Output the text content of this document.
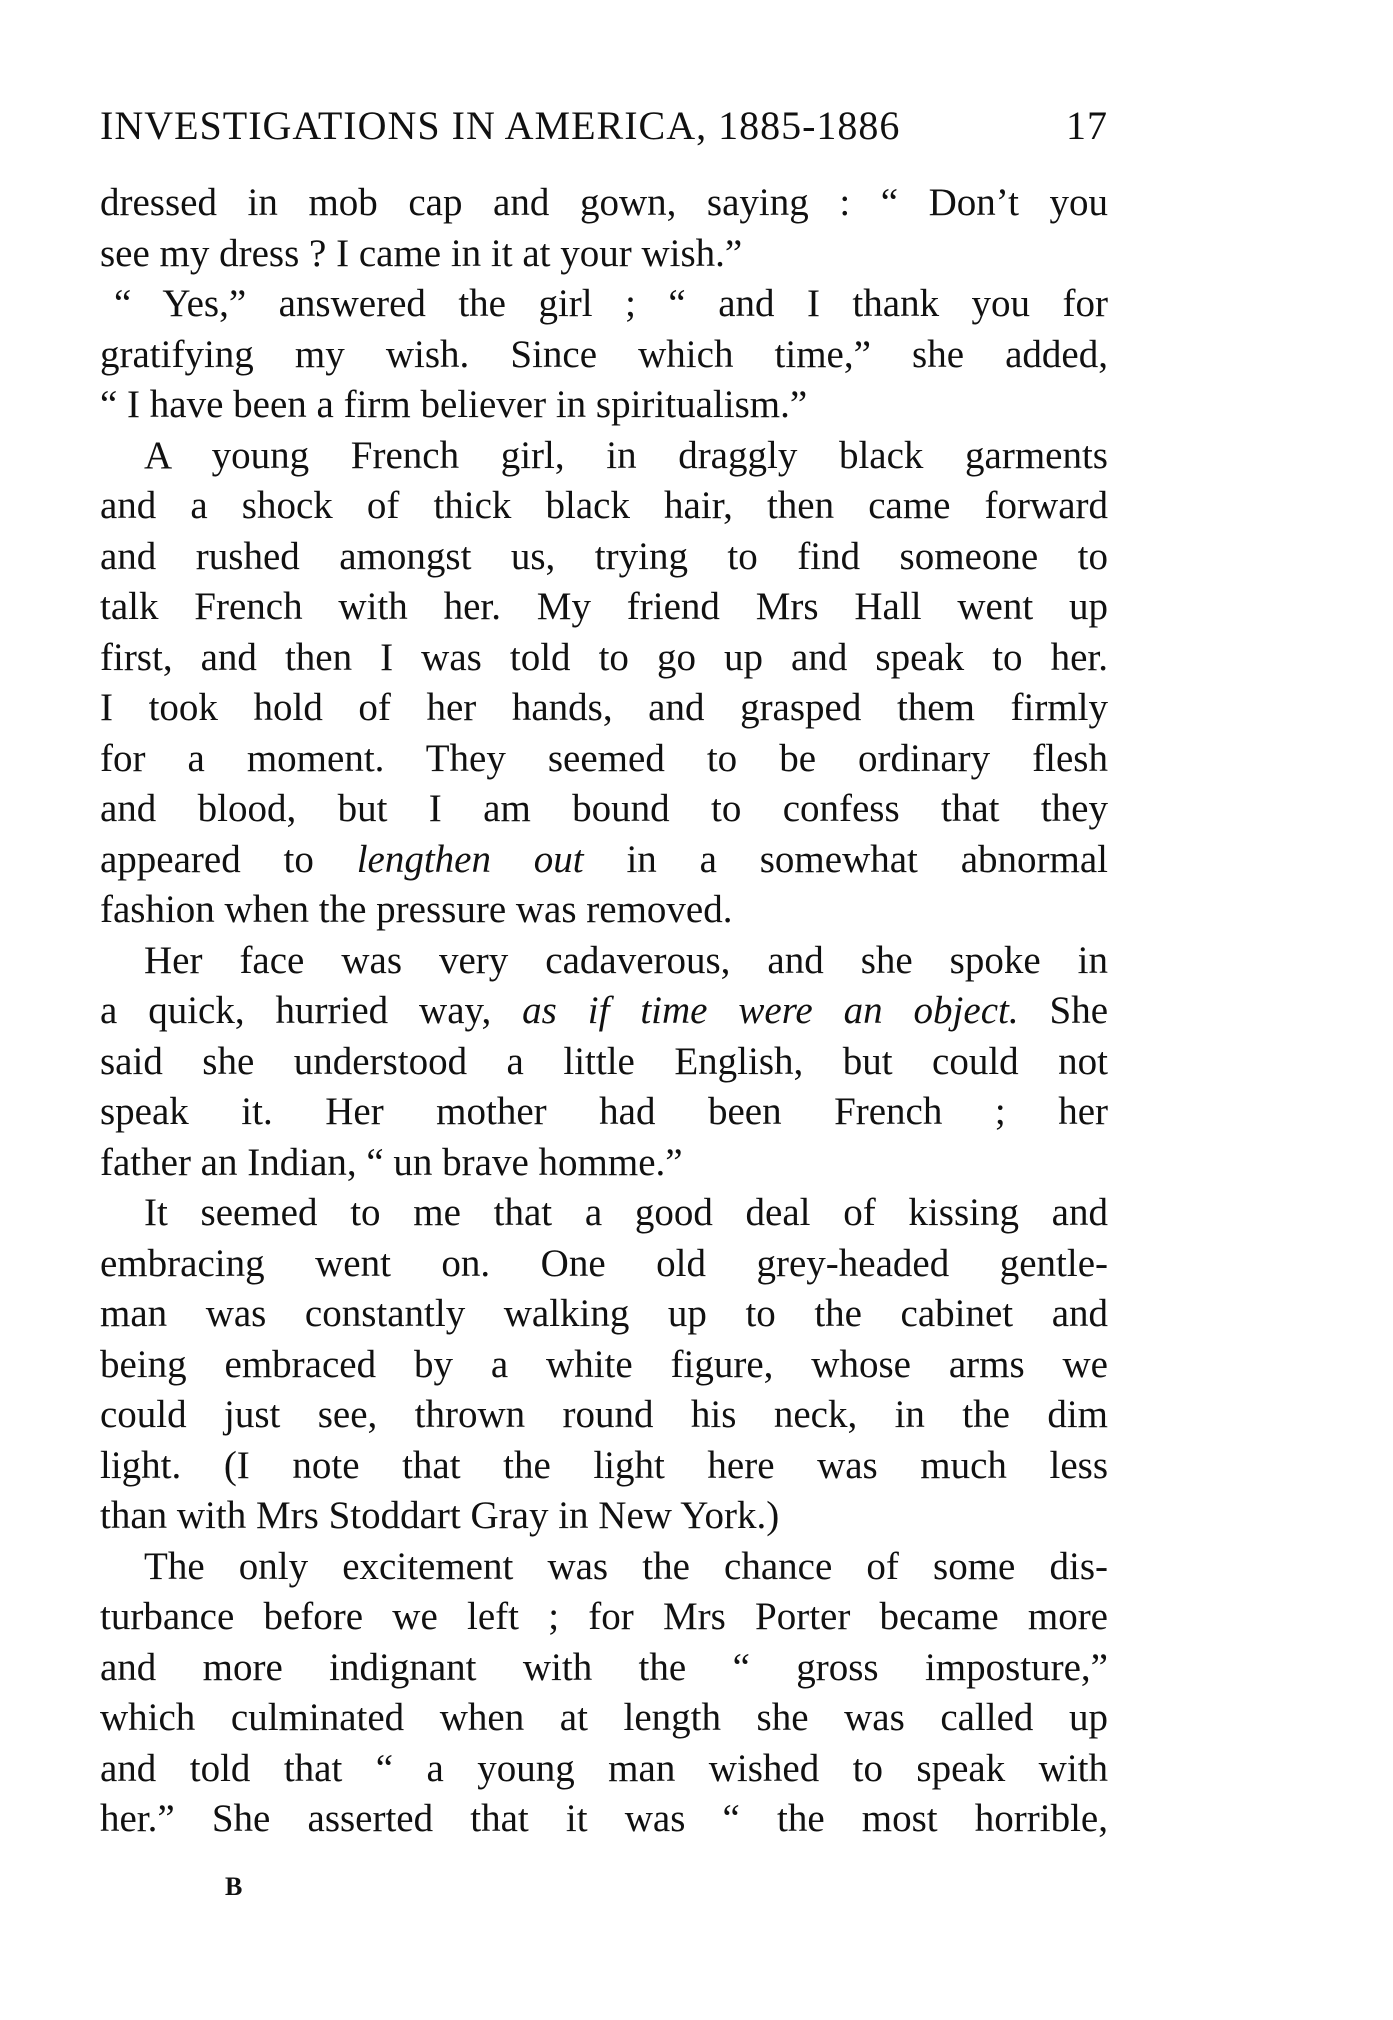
INVESTIGATIONS IN AMERICA, 1885-1886	17
dressed in mob cap and gown, saying : “ Don’t you
see my dress ? I came in it at your wish.”
“ Yes,” answered the girl ; “ and I thank you for
gratifying my wish. Since which time,” she added,
“ I have been a firm believer in spiritualism.”
A young French girl, in draggly black garments
and a shock of thick black hair, then came forward
and rushed amongst us, trying to find someone to
talk French with her. My friend Mrs Hall went up
first, and then I was told to go up and speak to her.
I took hold of her hands, and grasped them firmly
for a moment. They seemed to be ordinary flesh
and blood, but I am bound to confess that they
appeared to lengthen out in a somewhat abnormal
fashion when the pressure was removed.
Her face was very cadaverous, and she spoke in
a quick, hurried way, as if time were an object. She
said she understood a little English, but could not
speak it. Her mother had been French ; her
father an Indian, “ un brave homme.”
It seemed to me that a good deal of kissing and
embracing went on. One old grey-headed gentle-
man was constantly walking up to the cabinet and
being embraced by a white figure, whose arms we
could just see, thrown round his neck, in the dim
light. (I note that the light here was much less
than with Mrs Stoddart Gray in New York.)
The only excitement was the chance of some dis-
turbance before we left ; for Mrs Porter became more
and more indignant with the “ gross imposture,”
which culminated when at length she was called up
and told that “ a young man wished to speak with
her.” She asserted that it was “ the most horrible,
B
